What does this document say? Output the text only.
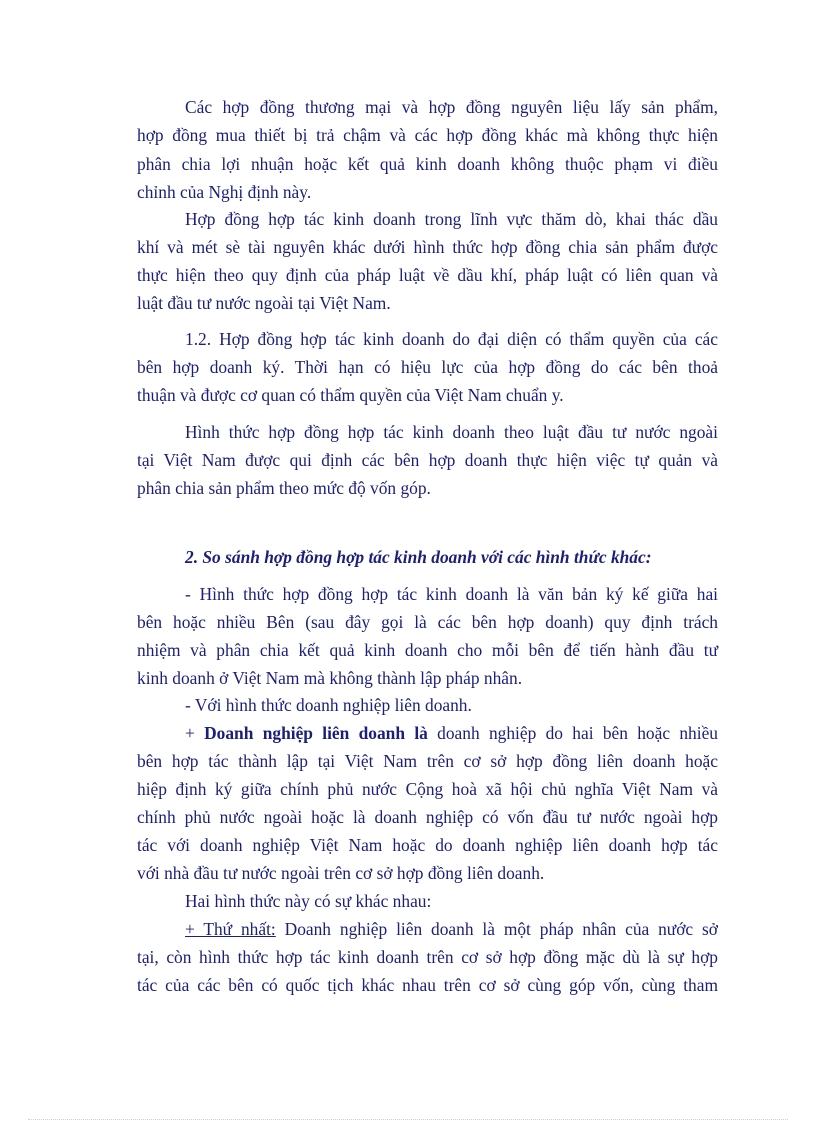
Các hợp đồng thương mại và hợp đồng nguyên liệu lấy sản phẩm,
hợp đồng mua thiết bị trả chậm và các hợp đồng khác mà không thực hiện
phân chia lợi nhuận hoặc kết quả kinh doanh không thuộc phạm vi điều
chỉnh của Nghị định này.
Hợp đồng hợp tác kinh doanh trong lĩnh vực thăm dò, khai thác dầu
khí và mét sè tài nguyên khác dưới hình thức hợp đồng chia sản phẩm được
thực hiện theo quy định của pháp luật về dầu khí, pháp luật có liên quan và
luật đầu tư nước ngoài tại Việt Nam.
1.2. Hợp đồng hợp tác kinh doanh do đại diện có thẩm quyền của các
bên hợp doanh ký. Thời hạn có hiệu lực của hợp đồng do các bên thoả
thuận và được cơ quan có thẩm quyền của Việt Nam chuẩn y.
Hình thức hợp đồng hợp tác kinh doanh theo luật đầu tư nước ngoài
tại Việt Nam được qui định các bên hợp doanh thực hiện việc tự quản và
phân chia sản phẩm theo mức độ vốn góp.
2. So sánh hợp đồng hợp tác kinh doanh với các hình thức khác:
- Hình thức hợp đồng hợp tác kinh doanh là văn bản ký kế giữa hai
bên hoặc nhiều Bên (sau đây gọi là các bên hợp doanh) quy định trách
nhiệm và phân chia kết quả kinh doanh cho mỗi bên để tiến hành đầu tư
kinh doanh ở Việt Nam mà không thành lập pháp nhân.
- Với hình thức doanh nghiệp liên doanh.
+ Doanh nghiệp liên doanh là doanh nghiệp do hai bên hoặc nhiều
bên hợp tác thành lập tại Việt Nam trên cơ sở hợp đồng liên doanh hoặc
hiệp định ký giữa chính phủ nước Cộng hoà xã hội chủ nghĩa Việt Nam và
chính phủ nước ngoài hoặc là doanh nghiệp có vốn đầu tư nước ngoài hợp
tác với doanh nghiệp Việt Nam hoặc do doanh nghiệp liên doanh hợp tác
với nhà đầu tư nước ngoài trên cơ sở hợp đồng liên doanh.
Hai hình thức này có sự khác nhau:
+ Thứ nhất: Doanh nghiệp liên doanh là một pháp nhân của nước sở
tại, còn hình thức hợp tác kinh doanh trên cơ sở hợp đồng mặc dù là sự hợp
tác của các bên có quốc tịch khác nhau trên cơ sở cùng góp vốn, cùng tham
